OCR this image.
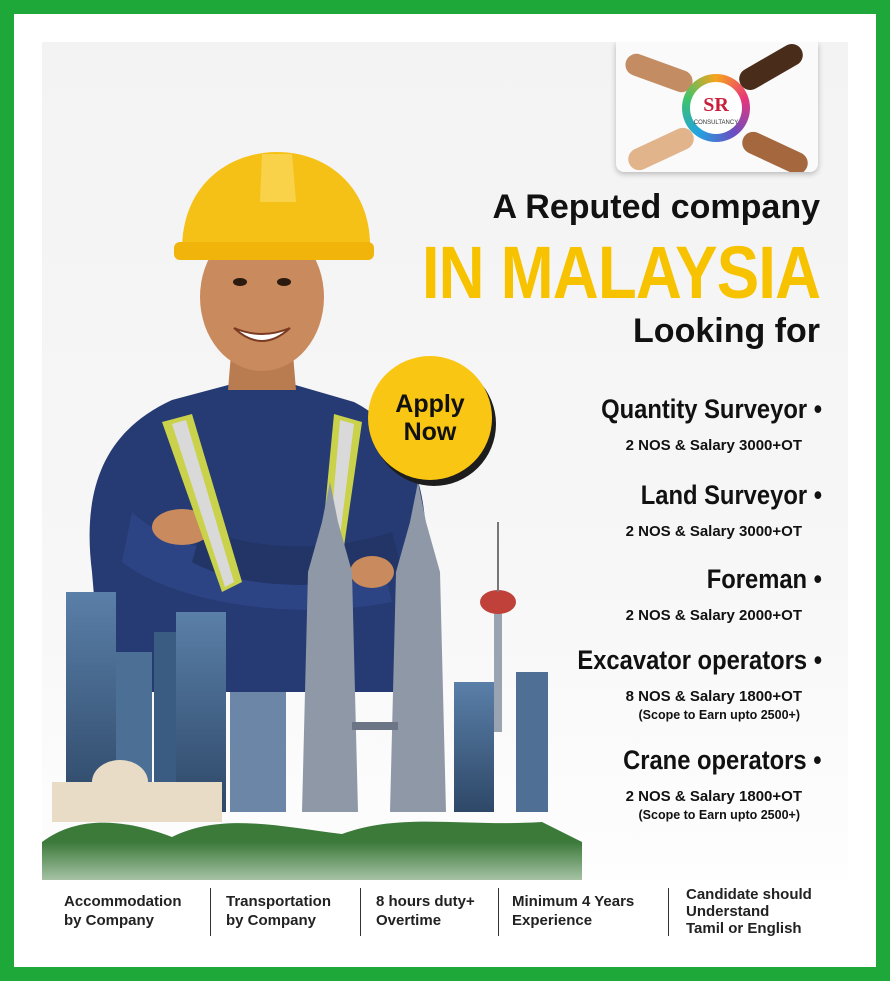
SR
CONSULTANCY
A Reputed company
IN MALAYSIA
Looking for
Apply
Now
Quantity Surveyor •
2 NOS & Salary 3000+OT
Land Surveyor •
2 NOS & Salary 3000+OT
Foreman •
2 NOS & Salary 2000+OT
Excavator operators •
8 NOS & Salary 1800+OT
(Scope to Earn upto 2500+)
Crane operators •
2 NOS & Salary 1800+OT
(Scope to Earn upto 2500+)
Accommodation
by Company
Transportation
by Company
8 hours duty+
Overtime
Minimum 4 Years
Experience
Candidate should
Understand
Tamil or English
